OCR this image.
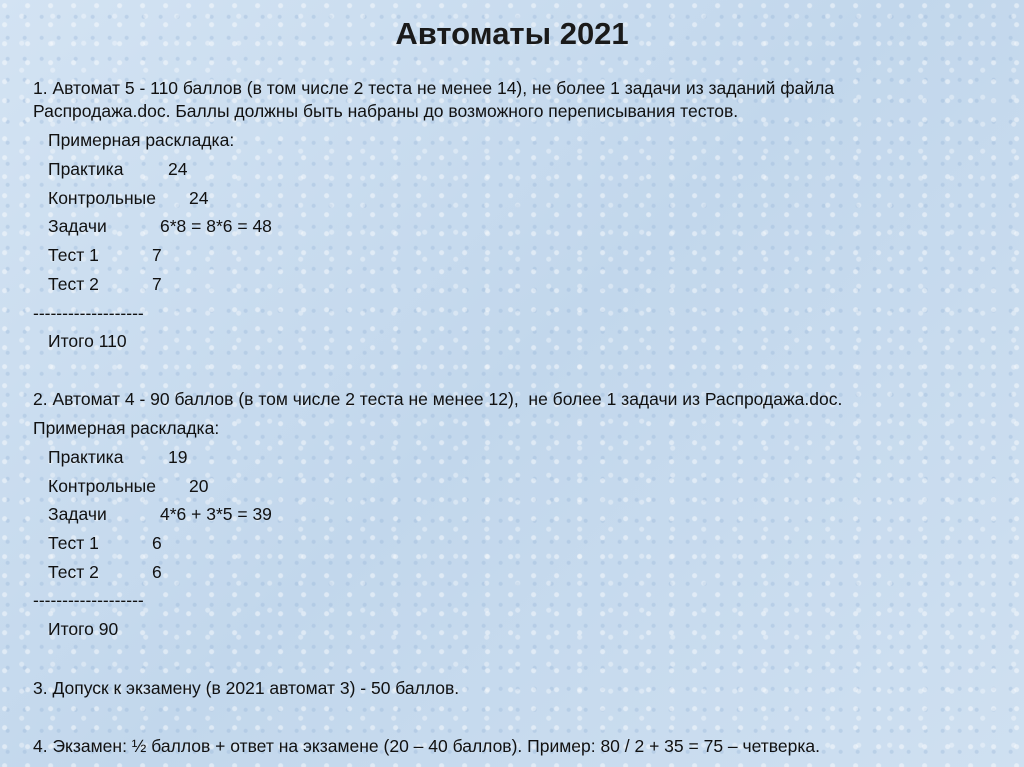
Автоматы 2021
1. Автомат 5 - 110 баллов (в том числе 2 теста не менее 14), не более 1 задачи из заданий файла
Распродажа.doc. Баллы должны быть набраны до возможного переписывания тестов.
Примерная раскладка:
Практика	24
Контрольные 24
Задачи	6*8 = 8*6 = 48
Тест 1	7
Тест 2	7
-------------------
Итого 110
2. Автомат 4 - 90 баллов (в том числе 2 теста не менее 12),  не более 1 задачи из Распродажа.doc.
Примерная раскладка:
Практика	19
Контрольные 20
Задачи	4*6 + 3*5 = 39
Тест 1	6
Тест 2	6
-------------------
Итого 90
3. Допуск к экзамену (в 2021 автомат 3) - 50 баллов.
4. Экзамен: ½ баллов + ответ на экзамене (20 – 40 баллов). Пример: 80 / 2 + 35 = 75 – четверка.
